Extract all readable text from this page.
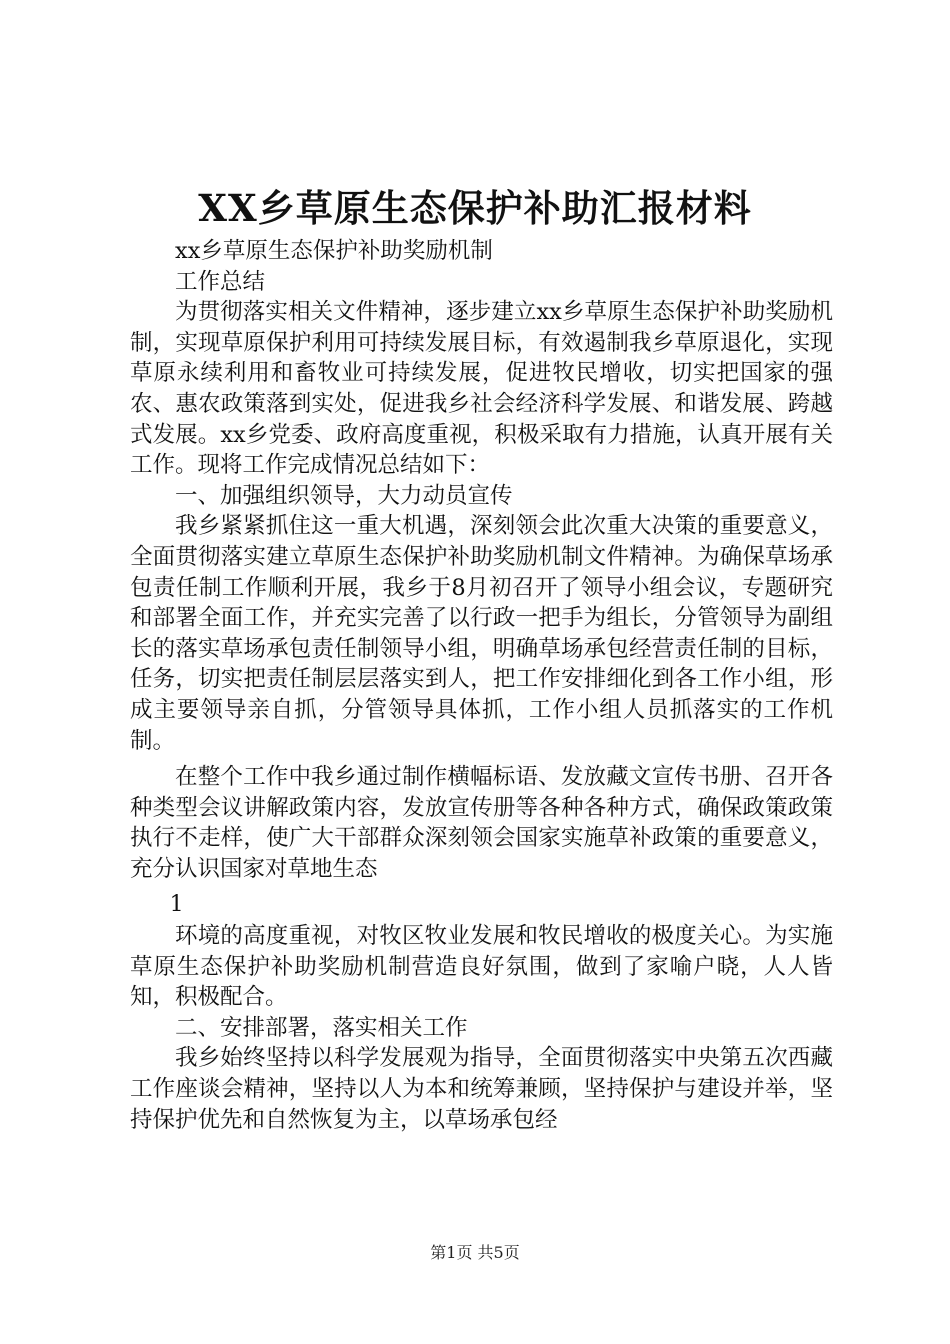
XX乡草原生态保护补助汇报材料

xx乡草原生态保护补助奖励机制

工作总结

为贯彻落实相关文件精神，逐步建立xx乡草原生态保护补助奖励机制，实现草原保护利用可持续发展目标，有效遏制我乡草原退化，实现草原永续利用和畜牧业可持续发展，促进牧民增收，切实把国家的强农、惠农政策落到实处，促进我乡社会经济科学发展、和谐发展、跨越式发展。xx乡党委、政府高度重视，积极采取有力措施，认真开展有关工作。现将工作完成情况总结如下：

一、加强组织领导，大力动员宣传

我乡紧紧抓住这一重大机遇，深刻领会此次重大决策的重要意义，全面贯彻落实建立草原生态保护补助奖励机制文件精神。为确保草场承包责任制工作顺利开展，我乡于8月初召开了领导小组会议，专题研究和部署全面工作，并充实完善了以行政一把手为组长，分管领导为副组长的落实草场承包责任制领导小组，明确草场承包经营责任制的目标，任务，切实把责任制层层落实到人，把工作安排细化到各工作小组，形成主要领导亲自抓，分管领导具体抓，工作小组人员抓落实的工作机制。

在整个工作中我乡通过制作横幅标语、发放藏文宣传书册、召开各种类型会议讲解政策内容，发放宣传册等各种各种方式，确保政策政策执行不走样，使广大干部群众深刻领会国家实施草补政策的重要意义，充分认识国家对草地生态

1

环境的高度重视，对牧区牧业发展和牧民增收的极度关心。为实施草原生态保护补助奖励机制营造良好氛围，做到了家喻户晓，人人皆知，积极配合。

二、安排部署，落实相关工作

我乡始终坚持以科学发展观为指导，全面贯彻落实中央第五次西藏工作座谈会精神，坚持以人为本和统筹兼顾，坚持保护与建设并举，坚持保护优先和自然恢复为主，以草场承包经

第1页 共5页
